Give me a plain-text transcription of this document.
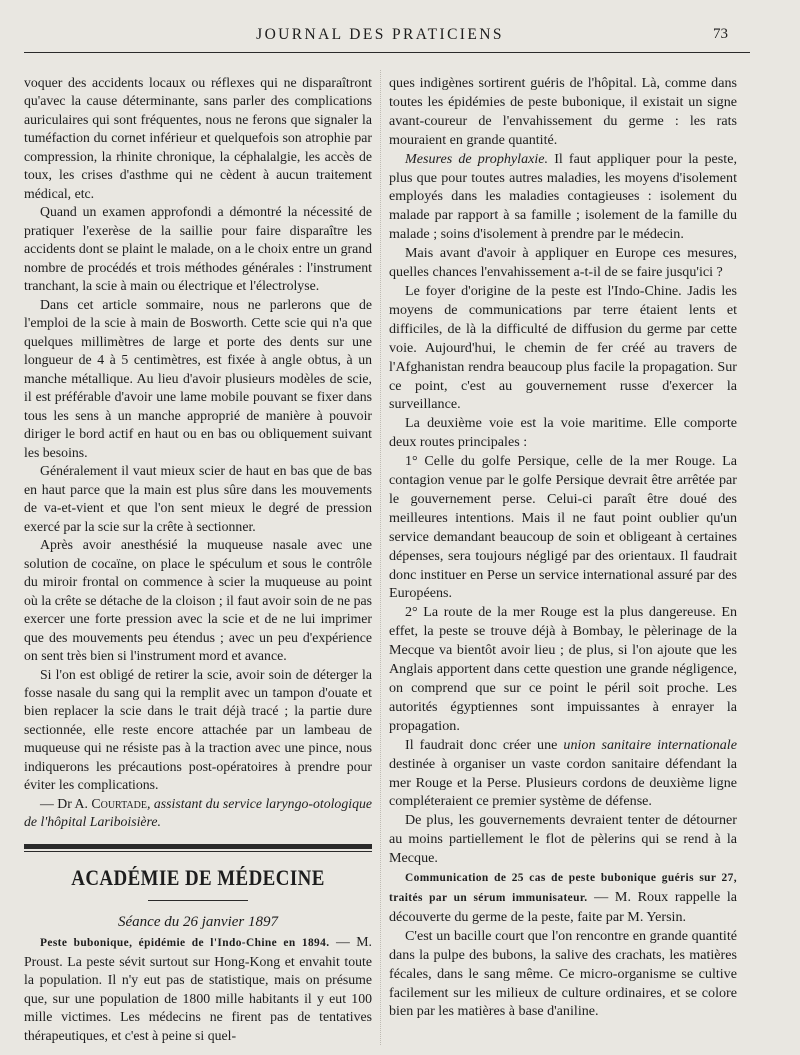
JOURNAL DES PRATICIENS	73

voquer des accidents locaux ou réflexes qui ne disparaîtront qu'avec la cause déterminante, sans parler des complications auriculaires qui sont fréquentes, nous ne ferons que signaler la tuméfaction du cornet inférieur et quelquefois son atrophie par compression, la rhinite chronique, la céphalalgie, les accès de toux, les crises d'asthme qui ne cèdent à aucun traitement médical, etc.

Quand un examen approfondi a démontré la nécessité de pratiquer l'exerèse de la saillie pour faire disparaître les accidents dont se plaint le malade, on a le choix entre un grand nombre de procédés et trois méthodes générales : l'instrument tranchant, la scie à main ou électrique et l'électrolyse.

Dans cet article sommaire, nous ne parlerons que de l'emploi de la scie à main de Bosworth. Cette scie qui n'a que quelques millimètres de large et porte des dents sur une longueur de 4 à 5 centimètres, est fixée à angle obtus, à un manche métallique. Au lieu d'avoir plusieurs modèles de scie, il est préférable d'avoir une lame mobile pouvant se fixer dans tous les sens à un manche approprié de manière à pouvoir diriger le bord actif en haut ou en bas ou obliquement suivant les besoins.

Généralement il vaut mieux scier de haut en bas que de bas en haut parce que la main est plus sûre dans les mouvements de va-et-vient et que l'on sent mieux le degré de pression exercé par la scie sur la crête à sectionner.

Après avoir anesthésié la muqueuse nasale avec une solution de cocaïne, on place le spéculum et sous le contrôle du miroir frontal on commence à scier la muqueuse au point où la crête se détache de la cloison ; il faut avoir soin de ne pas exercer une forte pression avec la scie et de ne lui imprimer que des mouvements peu étendus ; avec un peu d'expérience on sent très bien si l'instrument mord et avance.

Si l'on est obligé de retirer la scie, avoir soin de déterger la fosse nasale du sang qui la remplit avec un tampon d'ouate et bien replacer la scie dans le trait déjà tracé ; la partie dure sectionnée, elle reste encore attachée par un lambeau de muqueuse qui ne résiste pas à la traction avec une pince, nous indiquerons les précautions post-opératoires à prendre pour éviter les complications.

— Dr A. Courtade, assistant du service laryngo-otologique de l'hôpital Lariboisière.

ACADÉMIE DE MÉDECINE
Séance du 26 janvier 1897

Peste bubonique, épidémie de l'Indo-Chine en 1894. — M. Proust. La peste sévit surtout sur Hong-Kong et envahit toute la population. Il n'y eut pas de statistique, mais on présume que, sur une population de 1800 mille habitants il y eut 100 mille victimes. Les médecins ne firent pas de tentatives thérapeutiques, et c'est à peine si quel-

ques indigènes sortirent guéris de l'hôpital. Là, comme dans toutes les épidémies de peste bubonique, il existait un signe avant-coureur de l'envahissement du germe : les rats mouraient en grande quantité.

Mesures de prophylaxie. Il faut appliquer pour la peste, plus que pour toutes autres maladies, les moyens d'isolement employés dans les maladies contagieuses : isolement du malade par rapport à sa famille ; isolement de la famille du malade ; soins d'isolement à prendre par le médecin.

Mais avant d'avoir à appliquer en Europe ces mesures, quelles chances l'envahissement a-t-il de se faire jusqu'ici ?

Le foyer d'origine de la peste est l'Indo-Chine. Jadis les moyens de communications par terre étaient lents et difficiles, de là la difficulté de diffusion du germe par cette voie. Aujourd'hui, le chemin de fer créé au travers de l'Afghanistan rendra beaucoup plus facile la propagation. Sur ce point, c'est au gouvernement russe d'exercer la surveillance.

La deuxième voie est la voie maritime. Elle comporte deux routes principales :

1° Celle du golfe Persique, celle de la mer Rouge. La contagion venue par le golfe Persique devrait être arrêtée par le gouvernement perse. Celui-ci paraît être doué des meilleures intentions. Mais il ne faut point oublier qu'un service demandant beaucoup de soin et obligeant à certaines dépenses, sera toujours négligé par des orientaux. Il faudrait donc instituer en Perse un service international assuré par des Européens.

2° La route de la mer Rouge est la plus dangereuse. En effet, la peste se trouve déjà à Bombay, le pèlerinage de la Mecque va bientôt avoir lieu ; de plus, si l'on ajoute que les Anglais apportent dans cette question une grande négligence, on comprend que sur ce point le péril soit proche. Les autorités égyptiennes sont impuissantes à enrayer la propagation.

Il faudrait donc créer une union sanitaire internationale destinée à organiser un vaste cordon sanitaire défendant la mer Rouge et la Perse. Plusieurs cordons de deuxième ligne compléteraient ce premier système de défense.

De plus, les gouvernements devraient tenter de détourner au moins partiellement le flot de pèlerins qui se rend à la Mecque.

Communication de 25 cas de peste bubonique guéris sur 27, traités par un sérum immunisateur. — M. Roux rappelle la découverte du germe de la peste, faite par M. Yersin.

C'est un bacille court que l'on rencontre en grande quantité dans la pulpe des bubons, la salive des crachats, les matières fécales, dans le sang même. Ce micro-organisme se cultive facilement sur les milieux de culture ordinaires, et se colore bien par les matières à base d'aniline.
